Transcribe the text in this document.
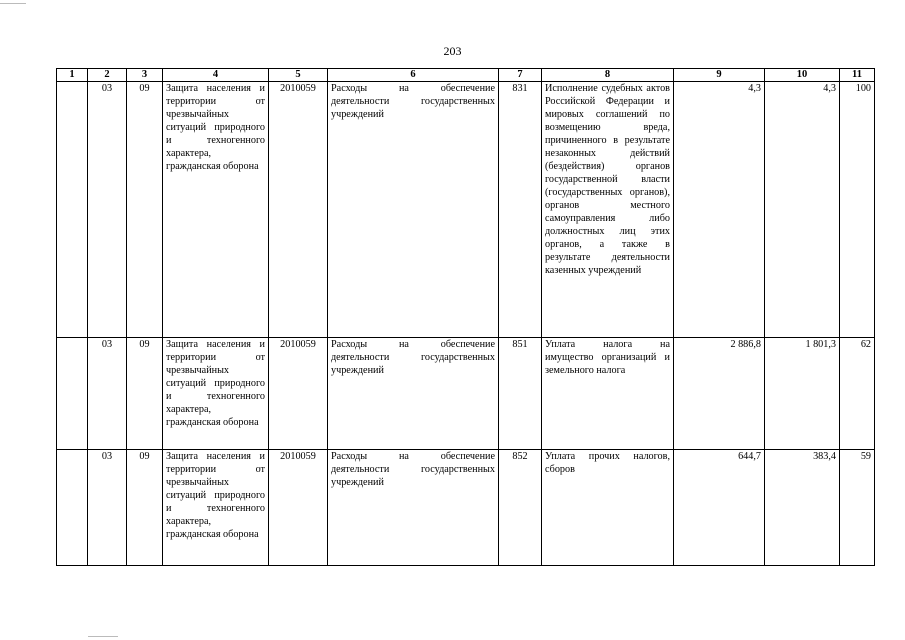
203
1	2	3	4	5	6	7	8	9	10	11
	03	09	Защита населения и территории от чрезвычайных ситуаций природного и техногенного характера, гражданская оборона	2010059	Расходы на обеспечение деятельности государственных учреждений	831	Исполнение судебных актов Российской Федерации и мировых соглашений по возмещению вреда, причиненного в результате незаконных действий (бездействия) органов государственной власти (государственных органов), органов местного самоуправления либо должностных лиц этих органов, а также в результате деятельности казенных учреждений	4,3	4,3	100
	03	09	Защита населения и территории от чрезвычайных ситуаций природного и техногенного характера, гражданская оборона	2010059	Расходы на обеспечение деятельности государственных учреждений	851	Уплата налога на имущество организаций и земельного налога	2 886,8	1 801,3	62
	03	09	Защита населения и территории от чрезвычайных ситуаций природного и техногенного характера, гражданская оборона	2010059	Расходы на обеспечение деятельности государственных учреждений	852	Уплата прочих налогов, сборов	644,7	383,4	59
